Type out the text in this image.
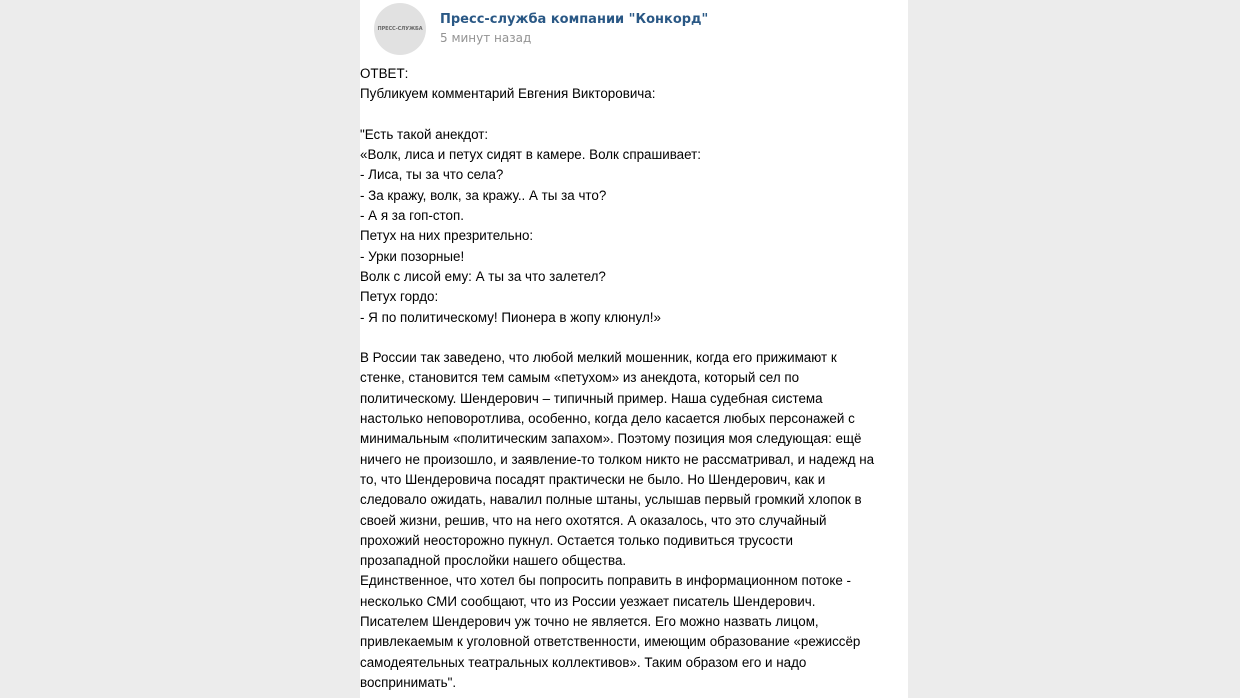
ПРЕСС-СЛУЖБА
Пресс-служба компании "Конкорд"
5 минут назад
ОТВЕТ:
Публикуем комментарий Евгения Викторовича:
"Есть такой анекдот:
«Волк, лиса и петух сидят в камере. Волк спрашивает:
- Лиса, ты за что села?
- За кражу, волк, за кражу.. А ты за что?
- А я за гоп-стоп.
Петух на них презрительно:
- Урки позорные!
Волк с лисой ему: А ты за что залетел?
Петух гордо:
- Я по политическому! Пионера в жопу клюнул!»
В России так заведено, что любой мелкий мошенник, когда его прижимают к
стенке, становится тем самым «петухом» из анекдота, который сел по
политическому. Шендерович – типичный пример. Наша судебная система
настолько неповоротлива, особенно, когда дело касается любых персонажей с
минимальным «политическим запахом». Поэтому позиция моя следующая: ещё
ничего не произошло, и заявление-то толком никто не рассматривал, и надежд на
то, что Шендеровича посадят практически не было. Но Шендерович, как и
следовало ожидать, навалил полные штаны, услышав первый громкий хлопок в
своей жизни, решив, что на него охотятся. А оказалось, что это случайный
прохожий неосторожно пукнул. Остается только подивиться трусости
прозападной прослойки нашего общества.
Единственное, что хотел бы попросить поправить в информационном потоке -
несколько СМИ сообщают, что из России уезжает писатель Шендерович.
Писателем Шендерович уж точно не является. Его можно назвать лицом,
привлекаемым к уголовной ответственности, имеющим образование «режиссёр
самодеятельных театральных коллективов». Таким образом его и надо
воспринимать".
